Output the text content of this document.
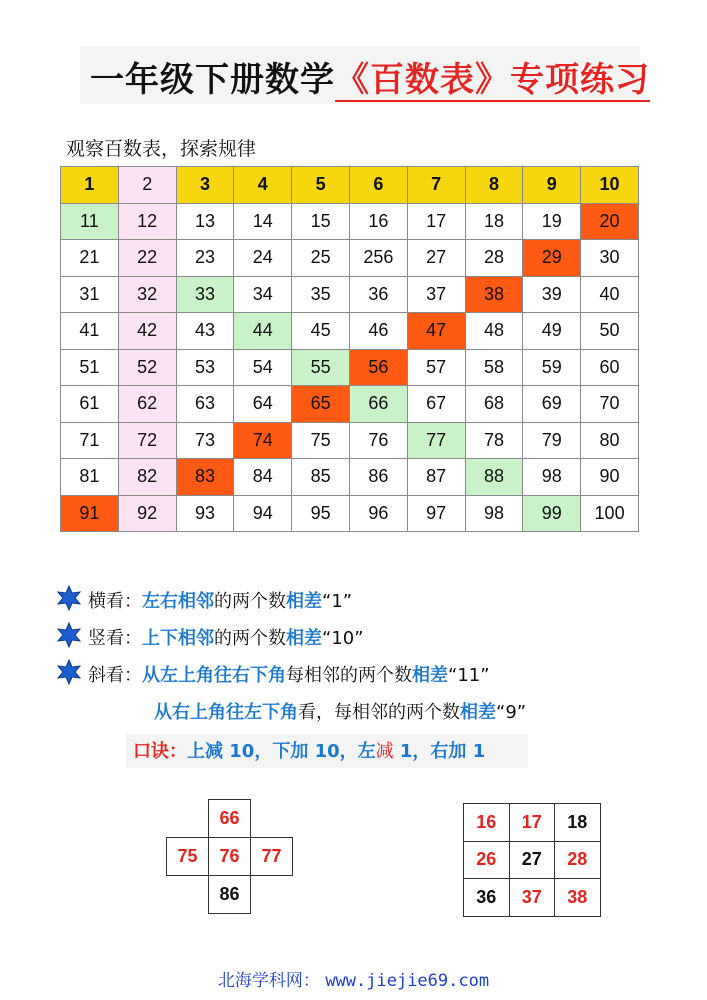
一年级下册数学《百数表》专项练习
观察百数表，探索规律
1	2	3	4	5	6	7	8	9	10
11	12	13	14	15	16	17	18	19	20
21	22	23	24	25	256	27	28	29	30
31	32	33	34	35	36	37	38	39	40
41	42	43	44	45	46	47	48	49	50
51	52	53	54	55	56	57	58	59	60
61	62	63	64	65	66	67	68	69	70
71	72	73	74	75	76	77	78	79	80
81	82	83	84	85	86	87	88	98	90
91	92	93	94	95	96	97	98	99	100
横看：左右相邻的两个数相差“1”
竖看：上下相邻的两个数相差“10”
斜看：从左上角往右下角每相邻的两个数相差“11”
从右上角往左下角看，每相邻的两个数相差“9”
口诀：上减 10，下加 10，左减 1，右加 1
	66	
75	76	77
	86	
16	17	18
26	27	28
36	37	38
北海学科网： www.jiejie69.com
